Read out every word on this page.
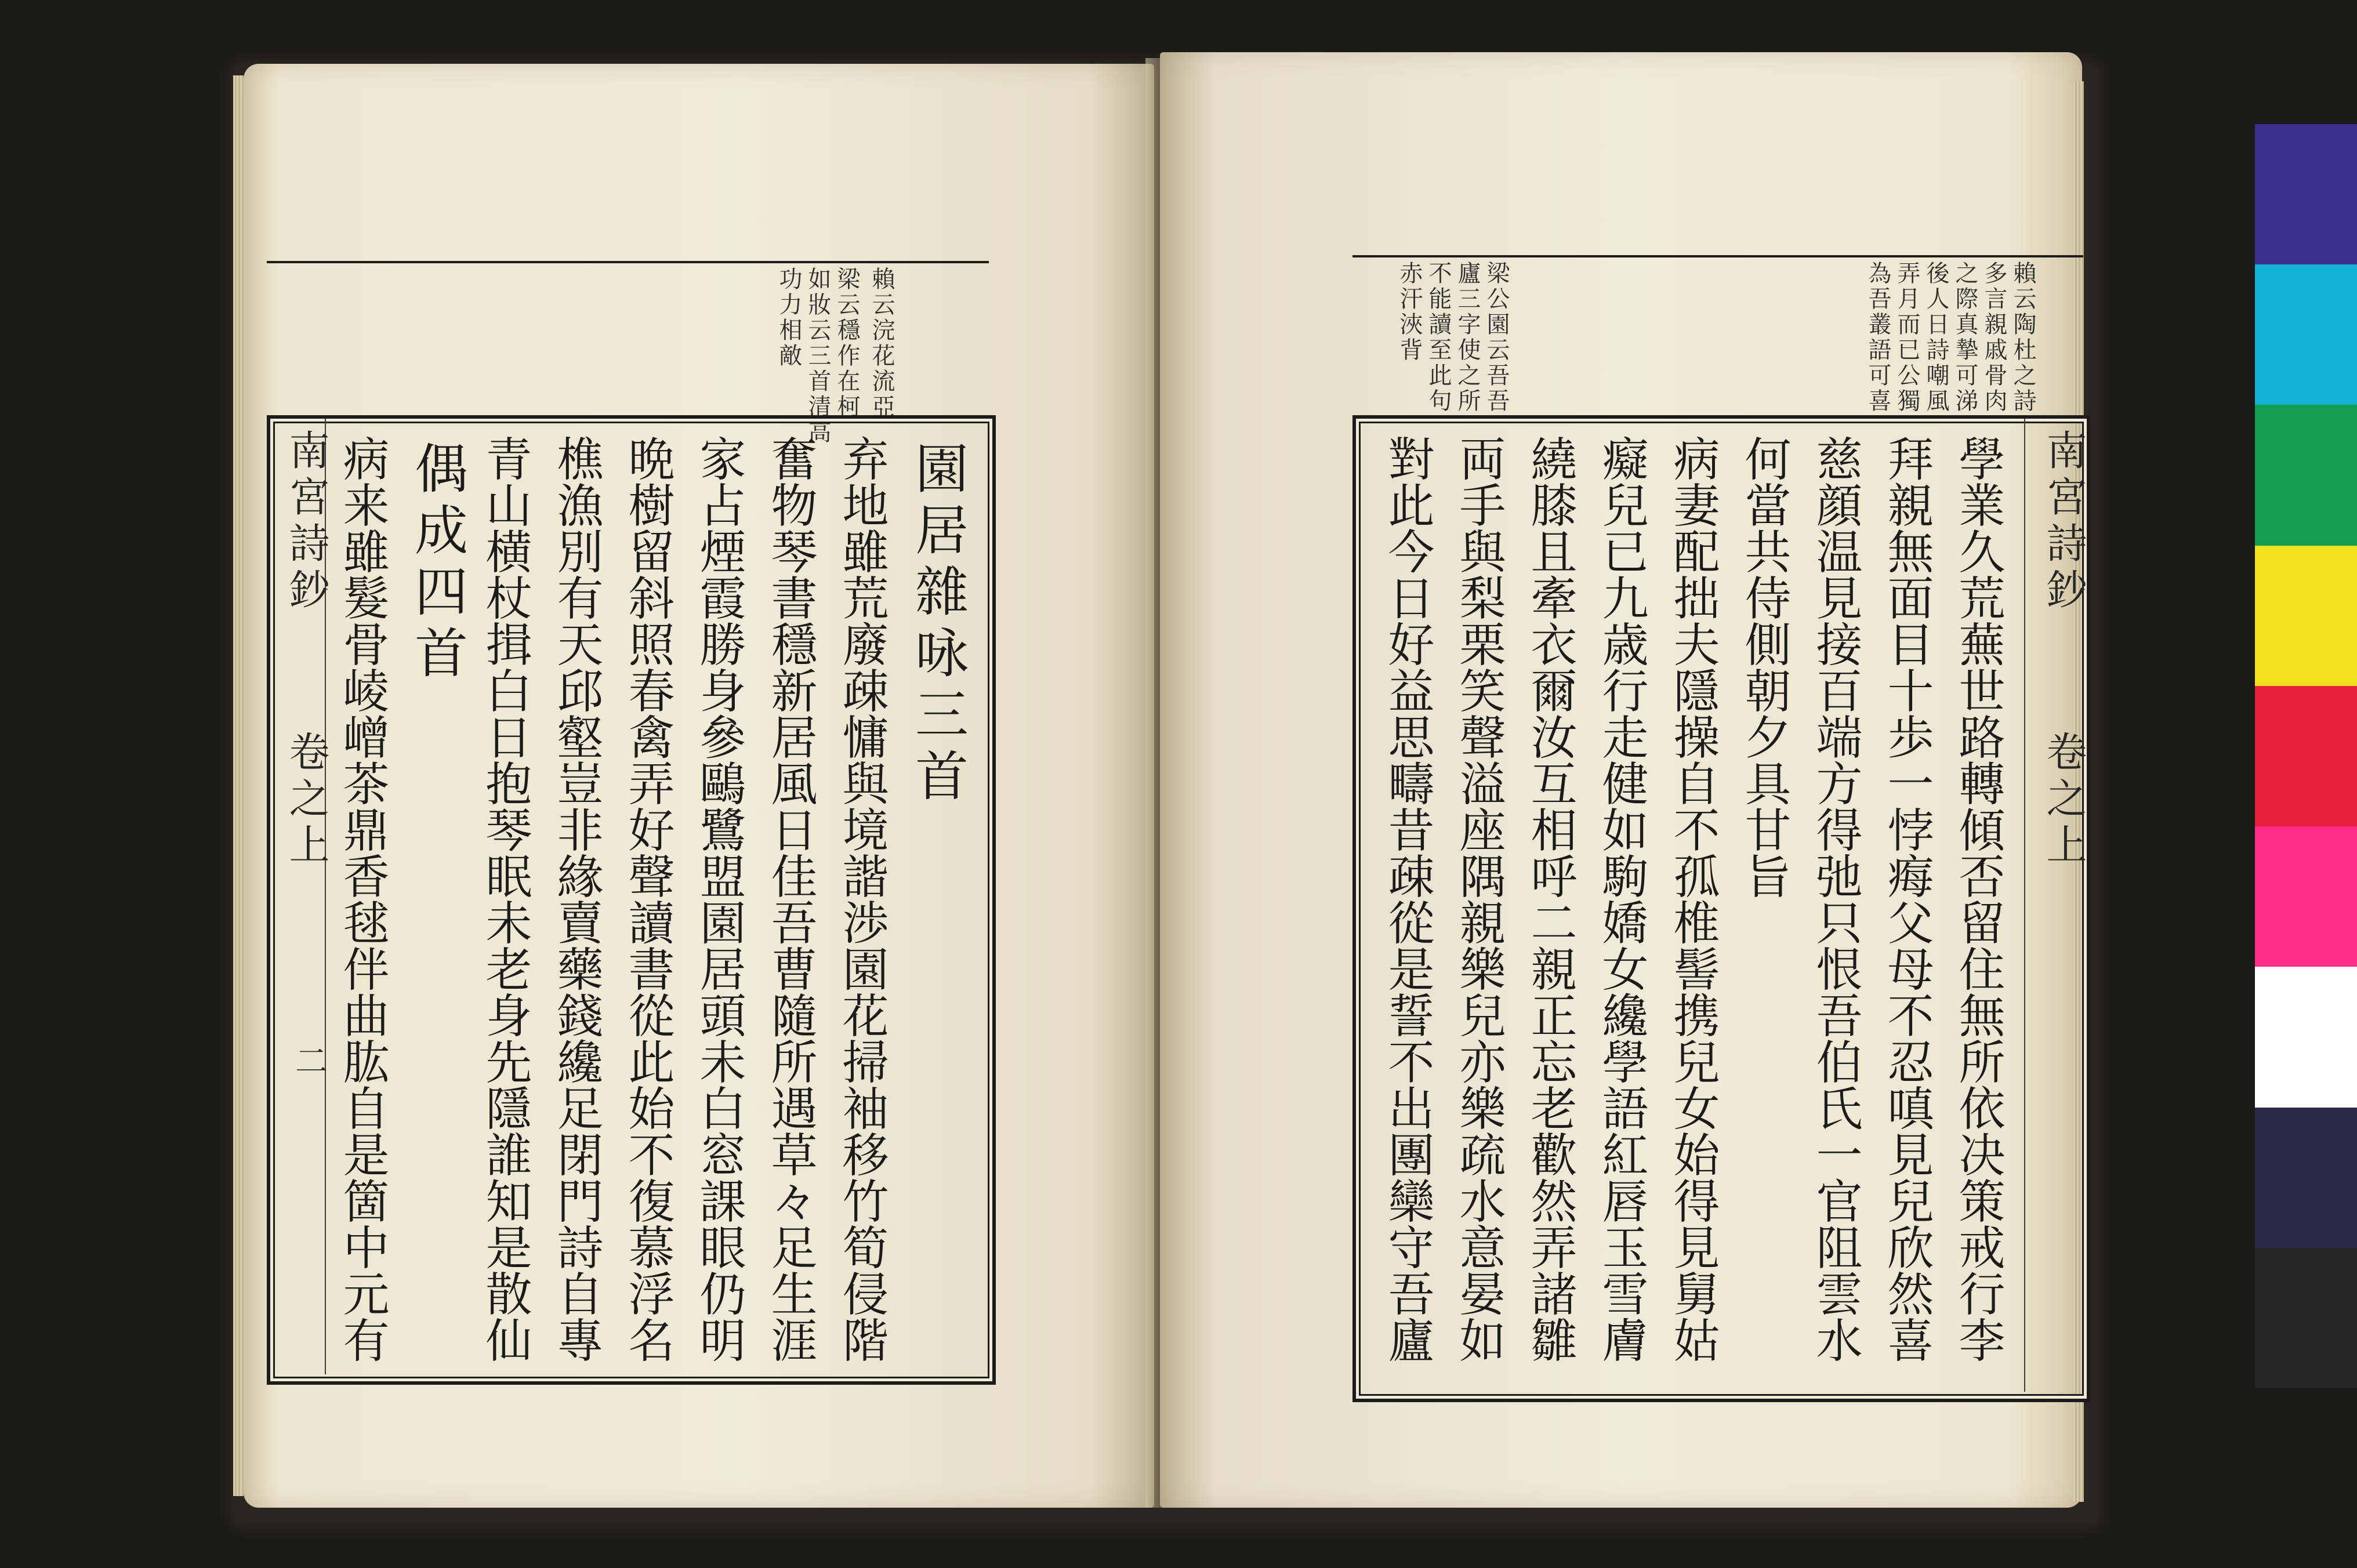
賴云浣花流亞
梁云穩作在柯
如妝云三首清高
功力相敵
南宮詩鈔
卷之上
二
園居雜咏三首
弃地雖荒廢疎慵與境諧渉園花掃袖移竹筍侵階
奮物琴書穩新居風日佳吾曹隨所遇草々足生涯
家占煙霞勝身參鷗鷺盟園居頭未白窓課眼仍明
晩樹留斜照春禽弄好聲讀書從此始不復慕浮名
樵漁別有天邱壑豈非緣賣藥錢纔足閉門詩自專
青山横杖揖白日抱琴眠未老身先隱誰知是散仙
偶成四首
病来雖髮骨崚嶒茶鼎香毬伴曲肱自是箇中元有
賴云陶杜之詩
多言親戚骨肉
之際真摯可涕
後人日詩嘲風
弄月而已公獨
為吾叢語可喜
梁公園云吾吾
廬三字使之所
不能讀至此句
赤汗浹背
南宮詩鈔
卷之上
學業久荒蕪世路轉傾否留住無所依决策戒行李
拜親無面目十歩一悖痗父母不忍嗔見兒欣然喜
慈顔温見接百端方得弛只恨吾伯氏一官阻雲水
何當共侍側朝夕具甘旨
病妻配拙夫隱操自不孤椎髻携兒女始得見舅姑
癡兒已九歳行走健如駒嬌女纔學語紅唇玉雪膚
繞膝且牽衣爾汝互相呼二親正忘老歡然弄諸雛
両手與梨栗笑聲溢座隅親樂兒亦樂疏水意晏如
對此今日好益思疇昔疎從是誓不出團欒守吾廬
